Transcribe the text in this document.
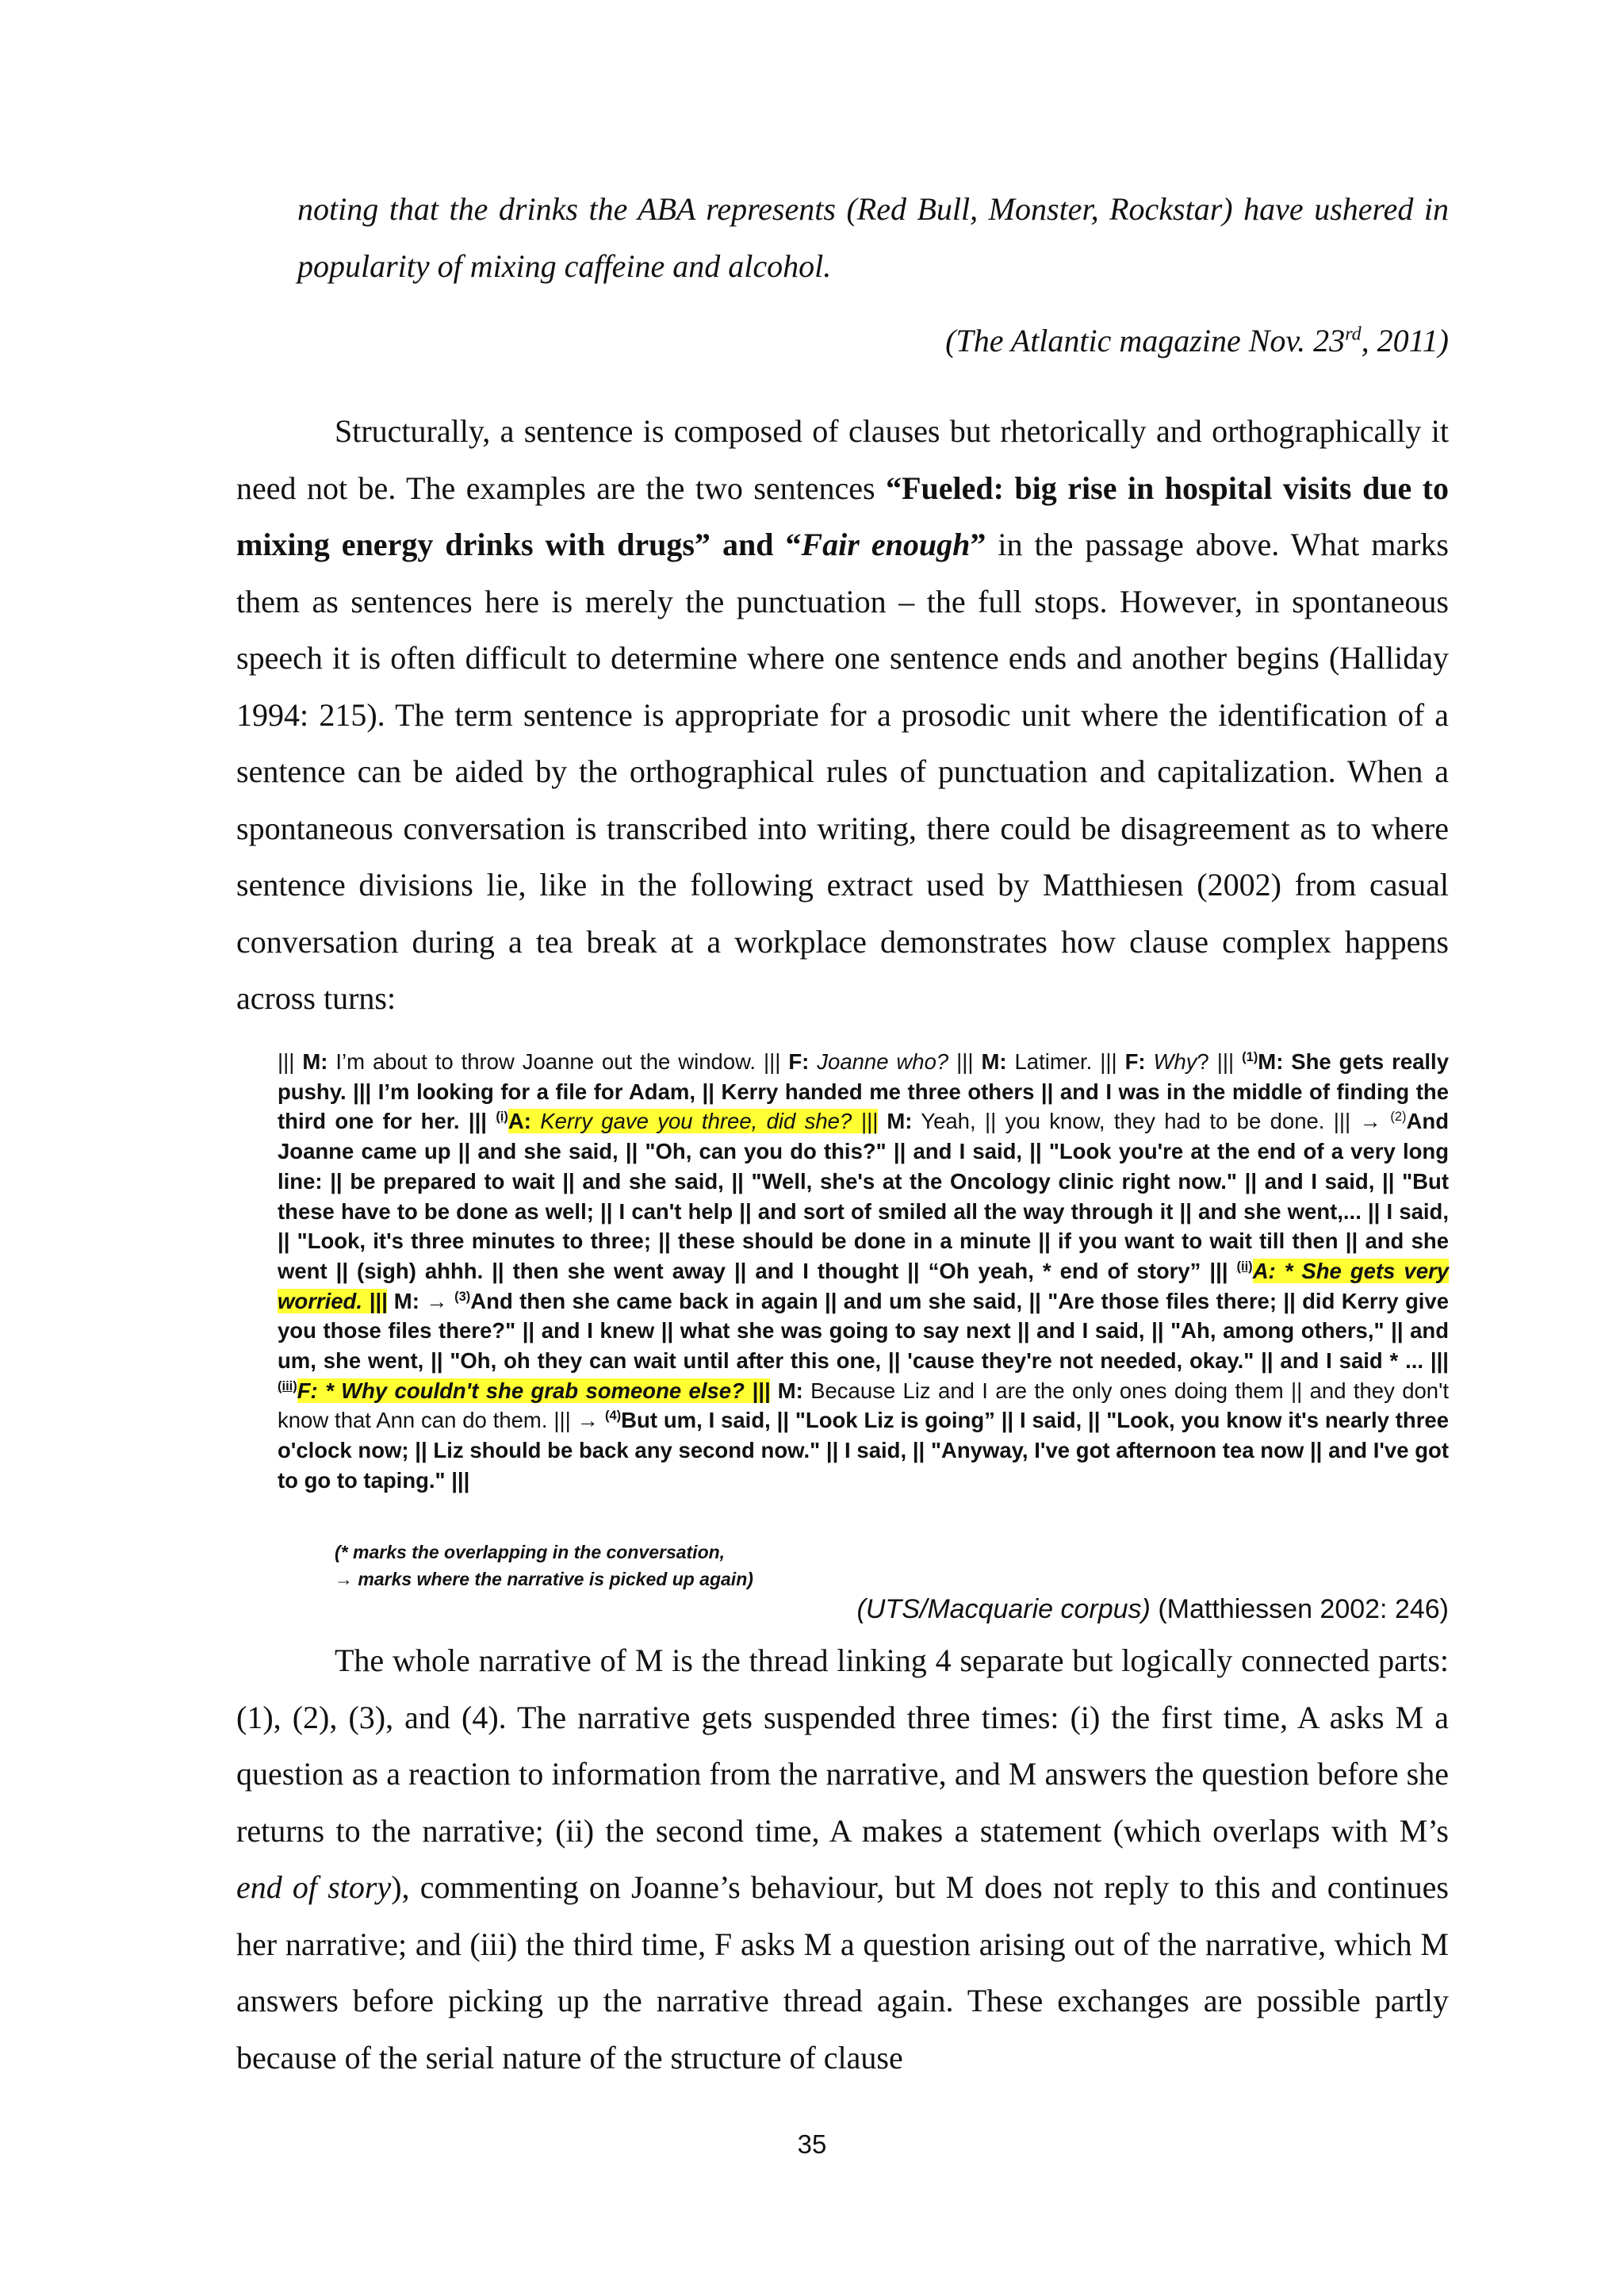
noting that the drinks the ABA represents (Red Bull, Monster, Rockstar) have ushered in popularity of mixing caffeine and alcohol.
(The Atlantic magazine Nov. 23rd, 2011)
Structurally, a sentence is composed of clauses but rhetorically and orthographically it need not be. The examples are the two sentences “Fueled: big rise in hospital visits due to mixing energy drinks with drugs” and “Fair enough” in the passage above. What marks them as sentences here is merely the punctuation – the full stops. However, in spontaneous speech it is often difficult to determine where one sentence ends and another begins (Halliday 1994: 215). The term sentence is appropriate for a prosodic unit where the identification of a sentence can be aided by the orthographical rules of punctuation and capitalization. When a spontaneous conversation is transcribed into writing, there could be disagreement as to where sentence divisions lie, like in the following extract used by Matthiesen (2002) from casual conversation during a tea break at a workplace demonstrates how clause complex happens across turns:
||| M: I’m about to throw Joanne out the window. ||| F: Joanne who? ||| M: Latimer. ||| F: Why? ||| $^{(1)}$M: She gets really pushy. ||| I’m looking for a file for Adam, || Kerry handed me three others || and I was in the middle of finding the third one for her. ||| $^{(i)}$A: Kerry gave you three, did she? ||| M: Yeah, || you know, they had to be done. ||| → $^{(2)}$And Joanne came up || and she said, || "Oh, can you do this?" || and I said, || "Look you're at the end of a very long line: || be prepared to wait || and she said, || "Well, she's at the Oncology clinic right now." || and I said, || "But these have to be done as well; || I can't help || and sort of smiled all the way through it || and she went,... || I said, || "Look, it's three minutes to three; || these should be done in a minute || if you want to wait till then || and she went || (sigh) ahhh. || then she went away || and I thought || “Oh yeah, * end of story” ||| $^{(ii)}$A: * She gets very worried. ||| M: → $^{(3)}$And then she came back in again || and um she said, || "Are those files there; || did Kerry give you those files there?" || and I knew || what she was going to say next || and I said, || "Ah, among others," || and um, she went, || "Oh, oh they can wait until after this one, || 'cause they're not needed, okay." || and I said * ... ||| $^{(iii)}$F: * Why couldn't she grab someone else? ||| M: Because Liz and I are the only ones doing them || and they don't know that Ann can do them. ||| → $^{(4)}$But um, I said, || "Look Liz is going” || I said, || "Look, you know it's nearly three o'clock now; || Liz should be back any second now." || I said, || "Anyway, I've got afternoon tea now || and I've got to go to taping." |||
(* marks the overlapping in the conversation,
→ marks where the narrative is picked up again)
(UTS/Macquarie corpus) (Matthiessen 2002: 246)
The whole narrative of M is the thread linking 4 separate but logically connected parts: (1), (2), (3), and (4). The narrative gets suspended three times: (i) the first time, A asks M a question as a reaction to information from the narrative, and M answers the question before she returns to the narrative; (ii) the second time, A makes a statement (which overlaps with M’s end of story), commenting on Joanne’s behaviour, but M does not reply to this and continues her narrative; and (iii) the third time, F asks M a question arising out of the narrative, which M answers before picking up the narrative thread again. These exchanges are possible partly because of the serial nature of the structure of clause
35
